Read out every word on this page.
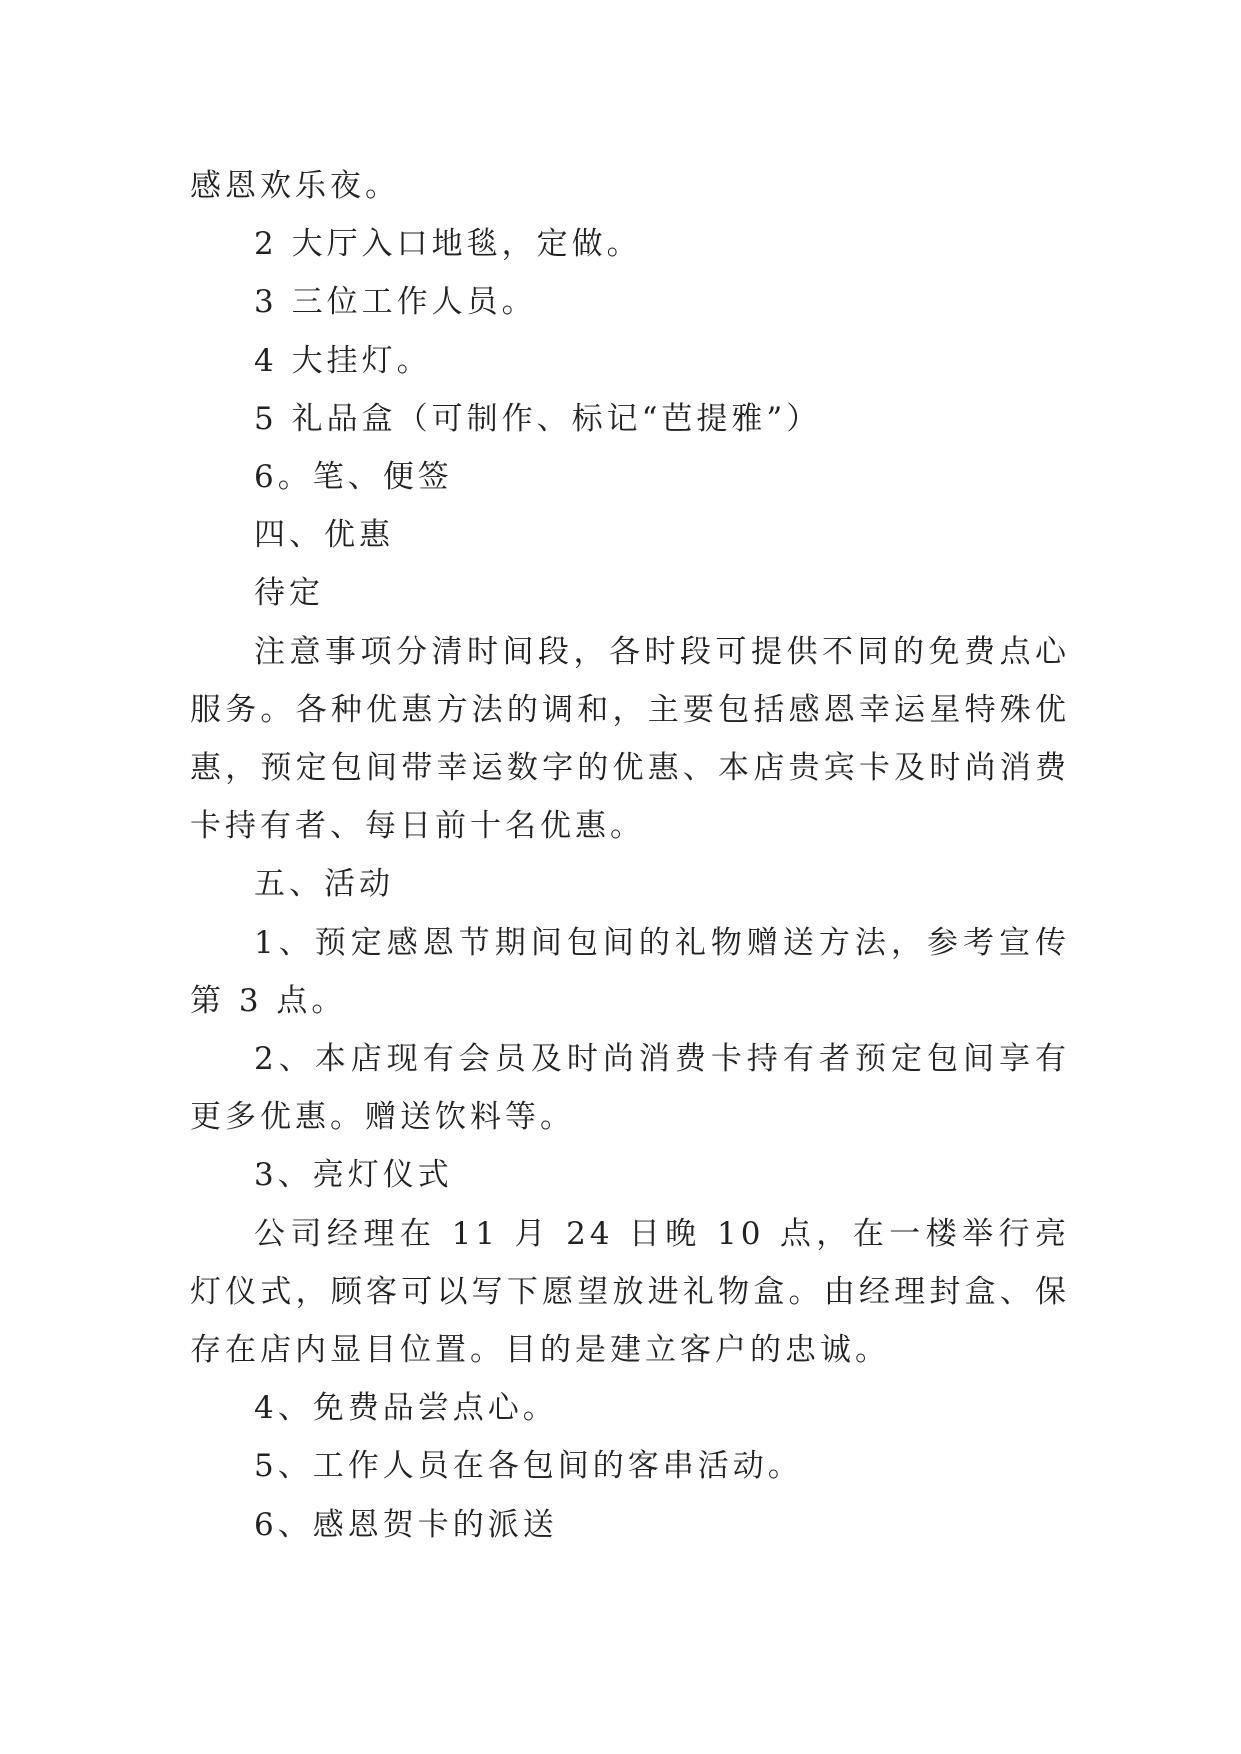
感恩欢乐夜。

2 大厅入口地毯，定做。

3 三位工作人员。

4 大挂灯。

5 礼品盒（可制作、标记“芭提雅”）

6。笔、便签

四、优惠

待定

注意事项分清时间段，各时段可提供不同的免费点心服务。各种优惠方法的调和，主要包括感恩幸运星特殊优惠，预定包间带幸运数字的优惠、本店贵宾卡及时尚消费卡持有者、每日前十名优惠。

五、活动

1、预定感恩节期间包间的礼物赠送方法，参考宣传第 3 点。

2、本店现有会员及时尚消费卡持有者预定包间享有更多优惠。赠送饮料等。

3、亮灯仪式

公司经理在 11 月 24 日晚 10 点，在一楼举行亮灯仪式，顾客可以写下愿望放进礼物盒。由经理封盒、保存在店内显目位置。目的是建立客户的忠诚。

4、免费品尝点心。

5、工作人员在各包间的客串活动。

6、感恩贺卡的派送
